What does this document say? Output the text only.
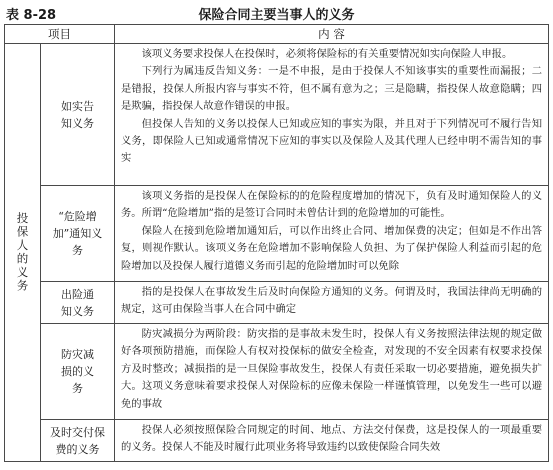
表 8-28	保险合同主要当事人的义务
项目		内 容
投保人的义务	如实告知义务	该项义务要求投保人在投保时，必须将保险标的有关重要情况如实向保险人申报。

下列行为属违反告知义务：一是不申报，是由于投保人不知该事实的重要性而漏报；二是错报，投保人所报内容与事实不符，但不属有意为之；三是隐瞒，指投保人故意隐瞒；四是欺骗，指投保人故意作错误的申报。

但投保人告知的义务以投保人已知或应知的事实为限，并且对于下列情况可不履行告知义务，即保险人已知或通常情况下应知的事实以及保险人及其代理人已经申明不需告知的事实

	“危险增加”通知义务	该项义务指的是投保人在保险标的的危险程度增加的情况下，负有及时通知保险人的义务。所谓“危险增加”指的是签订合同时未曾估计到的危险增加的可能性。

保险人在接到危险增加通知后，可以作出终止合同、增加保费的决定；但如是不作出答复，则视作默认。该项义务在危险增加不影响保险人负担、为了保护保险人利益而引起的危险增加以及投保人履行道德义务而引起的危险增加时可以免除

	出险通知义务	指的是投保人在事故发生后及时向保险方通知的义务。何谓及时，我国法律尚无明确的规定，这可由保险当事人在合同中确定

	防灾减损的义务	防灾减损分为两阶段：防灾指的是事故未发生时，投保人有义务按照法律法规的规定做好各项预防措施，而保险人有权对投保标的做安全检查，对发现的不安全因素有权要求投保方及时整改；减损指的是一旦保险事故发生，投保人有责任采取一切必要措施，避免损失扩大。这项义务意味着要求投保人对保险标的应像未保险一样谨慎管理，以免发生一些可以避免的事故

	及时交付保费的义务	投保人必须按照保险合同规定的时间、地点、方法交付保费，这是投保人的一项最重要的义务。投保人不能及时履行此项业务将导致违约以致使保险合同失效
